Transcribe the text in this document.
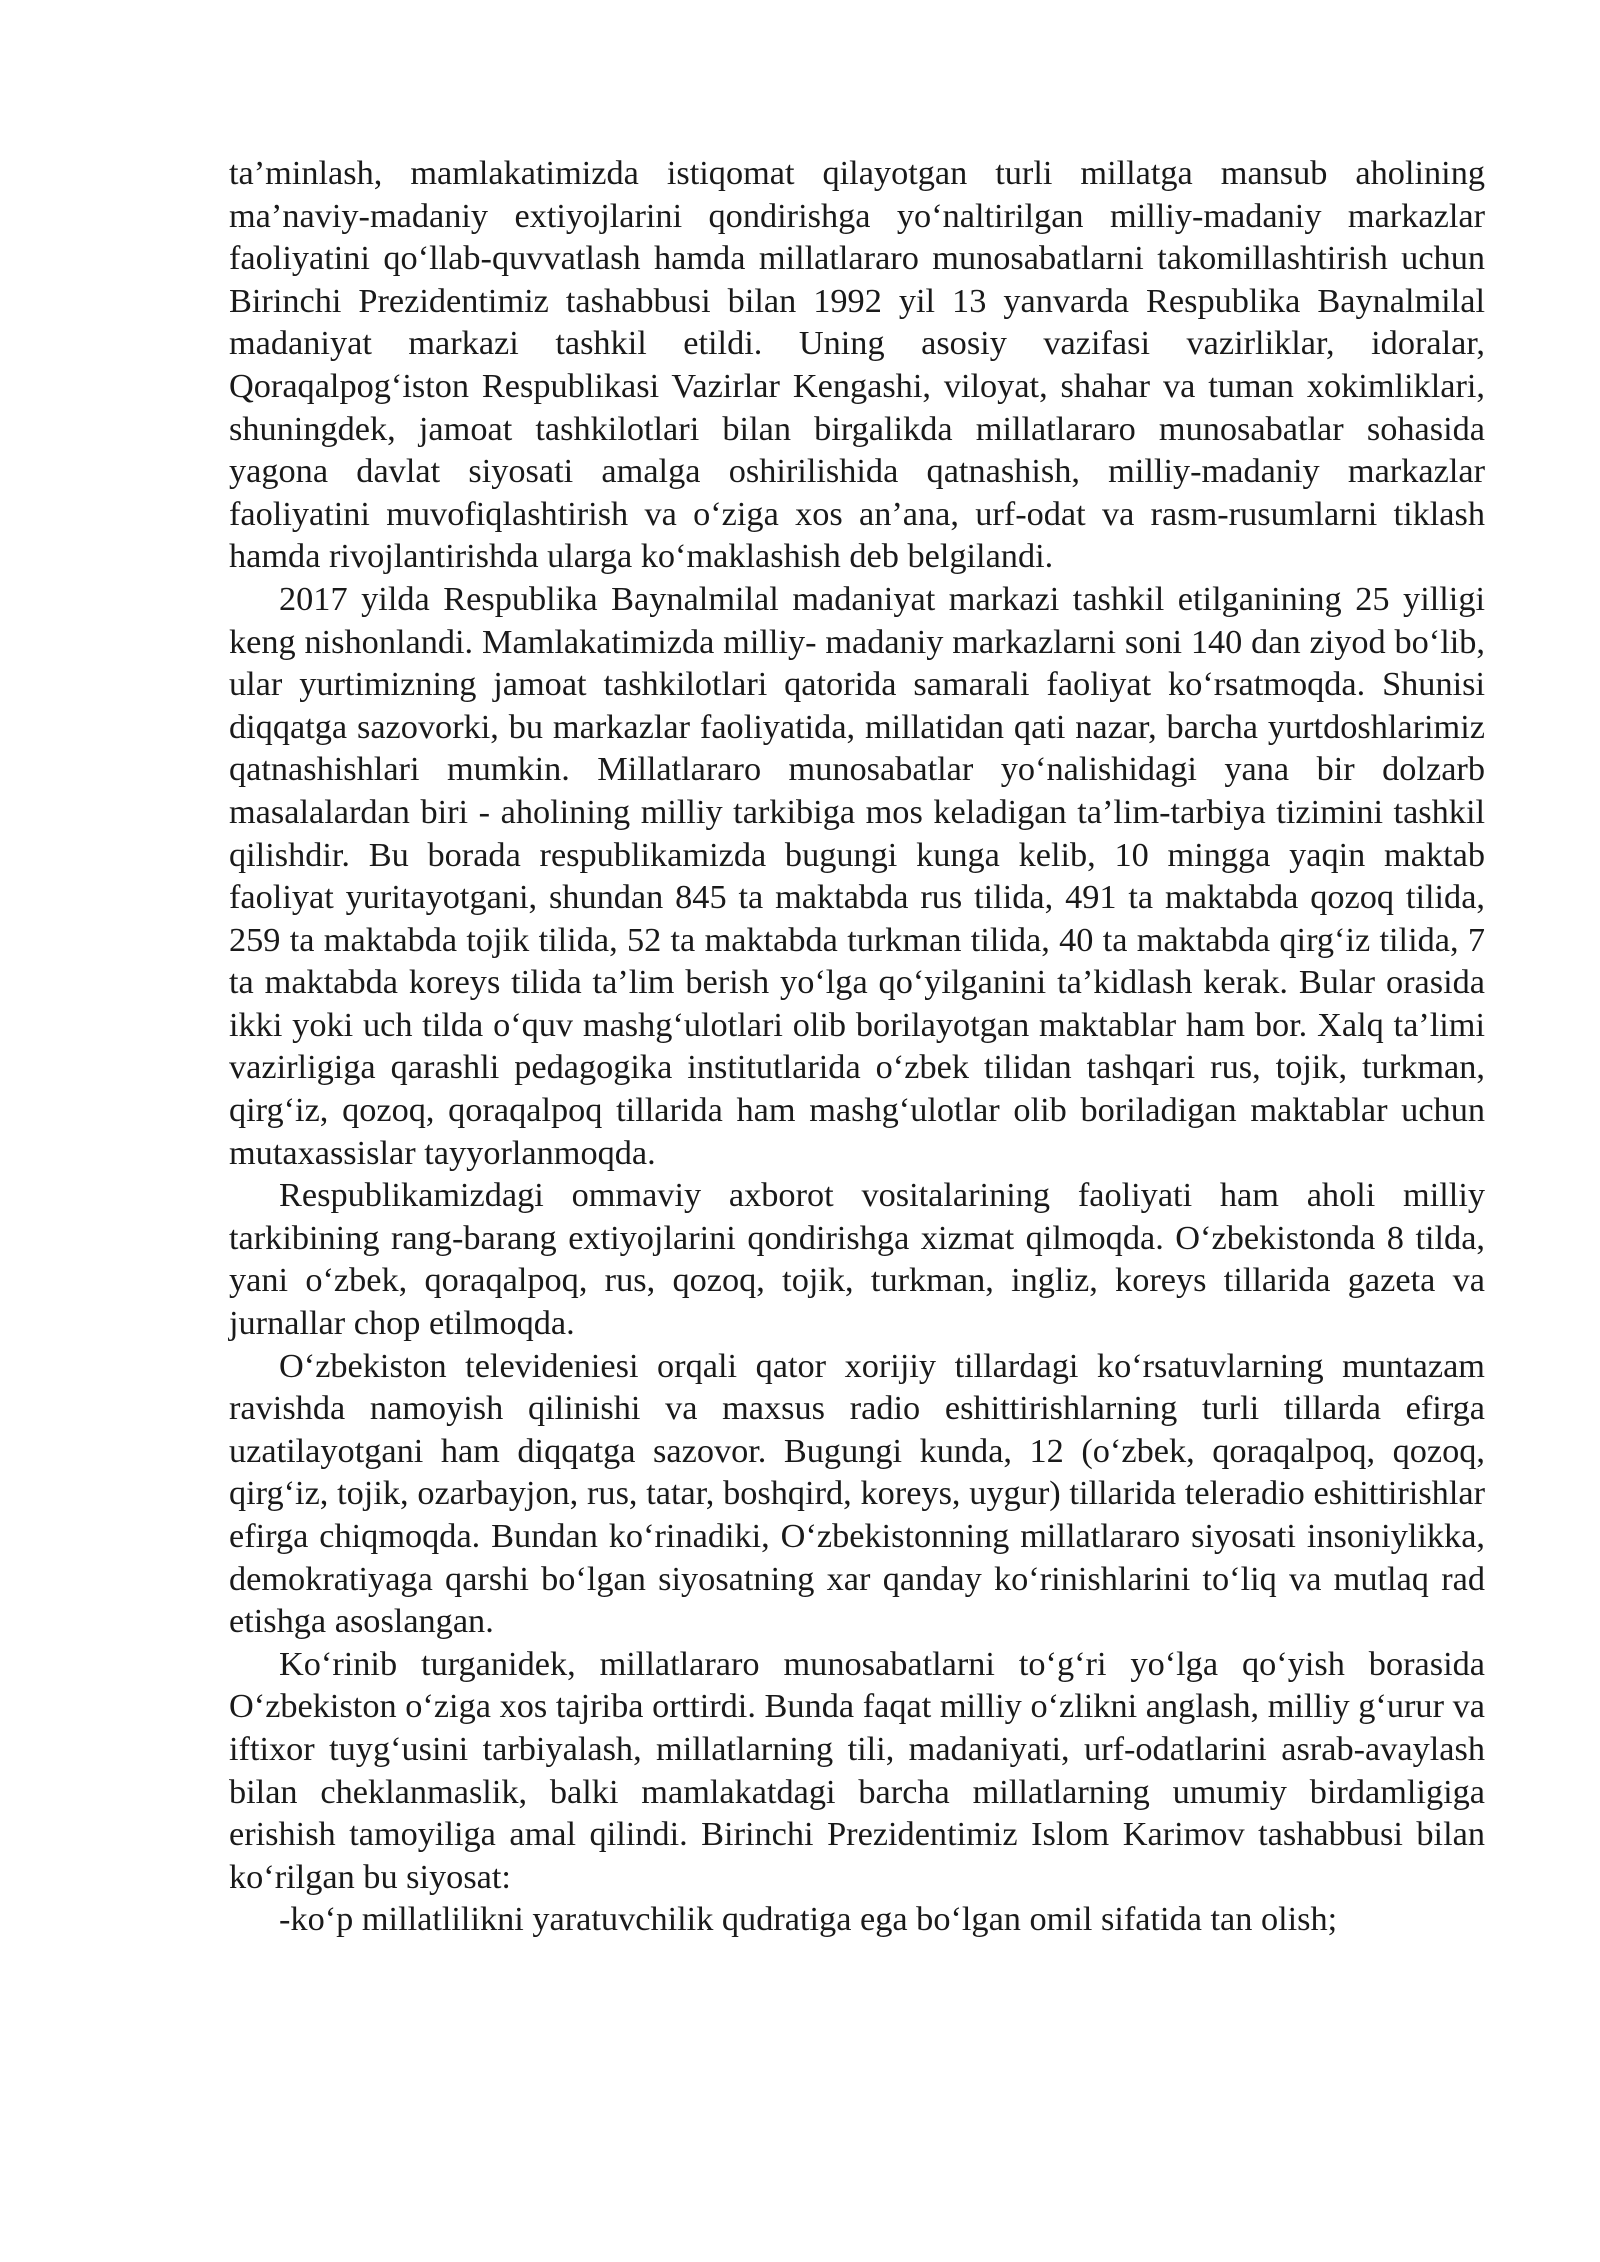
ta’minlash, mamlakatimizda istiqomat qilayotgan turli millatga mansub aholining ma’naviy-madaniy extiyojlarini qondirishga yo‘naltirilgan milliy-madaniy markazlar faoliyatini qo‘llab-quvvatlash hamda millatlararo munosabatlarni takomillashtirish uchun Birinchi Prezidentimiz tashabbusi bilan 1992 yil 13 yanvarda Respublika Baynalmilal madaniyat markazi tashkil etildi. Uning asosiy vazifasi vazirliklar, idoralar, Qoraqalpog‘iston Respublikasi Vazirlar Kengashi, viloyat, shahar va tuman xokimliklari, shuningdek, jamoat tashkilotlari bilan birgalikda millatlararo munosabatlar sohasida yagona davlat siyosati amalga oshirilishida qatnashish, milliy-madaniy markazlar faoliyatini muvofiqlashtirish va o‘ziga xos an’ana, urf-odat va rasm-rusumlarni tiklash hamda rivojlantirishda ularga ko‘maklashish deb belgilandi.

2017 yilda Respublika Baynalmilal madaniyat markazi tashkil etilganining 25 yilligi keng nishonlandi. Mamlakatimizda milliy- madaniy markazlarni soni 140 dan ziyod bo‘lib, ular yurtimizning jamoat tashkilotlari qatorida samarali faoliyat ko‘rsatmoqda. Shunisi diqqatga sazovorki, bu markazlar faoliyatida, millatidan qati nazar, barcha yurtdoshlarimiz qatnashishlari mumkin. Millatlararo munosabatlar yo‘nalishidagi yana bir dolzarb masalalardan biri - aholining milliy tarkibiga mos keladigan ta’lim-tarbiya tizimini tashkil qilishdir. Bu borada respublikamizda bugungi kunga kelib, 10 mingga yaqin maktab faoliyat yuritayotgani, shundan 845 ta maktabda rus tilida, 491 ta maktabda qozoq tilida, 259 ta maktabda tojik tilida, 52 ta maktabda turkman tilida, 40 ta maktabda qirg‘iz tilida, 7 ta maktabda koreys tilida ta’lim berish yo‘lga qo‘yilganini ta’kidlash kerak. Bular orasida ikki yoki uch tilda o‘quv mashg‘ulotlari olib borilayotgan maktablar ham bor. Xalq ta’limi vazirligiga qarashli pedagogika institutlarida o‘zbek tilidan tashqari rus, tojik, turkman, qirg‘iz, qozoq, qoraqalpoq tillarida ham mashg‘ulotlar olib boriladigan maktablar uchun mutaxassislar tayyorlanmoqda.

Respublikamizdagi ommaviy axborot vositalarining faoliyati ham aholi milliy tarkibining rang-barang extiyojlarini qondirishga xizmat qilmoqda. O‘zbekistonda 8 tilda, yani o‘zbek, qoraqalpoq, rus, qozoq, tojik, turkman, ingliz, koreys tillarida gazeta va jurnallar chop etilmoqda.

O‘zbekiston televideniesi orqali qator xorijiy tillardagi ko‘rsatuvlarning muntazam ravishda namoyish qilinishi va maxsus radio eshittirishlarning turli tillarda efirga uzatilayotgani ham diqqatga sazovor. Bugungi kunda, 12 (o‘zbek, qoraqalpoq, qozoq, qirg‘iz, tojik, ozarbayjon, rus, tatar, boshqird, koreys, uygur) tillarida teleradio eshittirishlar efirga chiqmoqda. Bundan ko‘rinadiki, O‘zbekistonning millatlararo siyosati insoniylikka, demokratiyaga qarshi bo‘lgan siyosatning xar qanday ko‘rinishlarini to‘liq va mutlaq rad etishga asoslangan.

Ko‘rinib turganidek, millatlararo munosabatlarni to‘g‘ri yo‘lga qo‘yish borasida O‘zbekiston o‘ziga xos tajriba orttirdi. Bunda faqat milliy o‘zlikni anglash, milliy g‘urur va iftixor tuyg‘usini tarbiyalash, millatlarning tili, madaniyati, urf-odatlarini asrab-avaylash bilan cheklanmaslik, balki mamlakatdagi barcha millatlarning umumiy birdamligiga erishish tamoyiliga amal qilindi. Birinchi Prezidentimiz Islom Karimov tashabbusi bilan ko‘rilgan bu siyosat:

-ko‘p millatlilikni yaratuvchilik qudratiga ega bo‘lgan omil sifatida tan olish;
